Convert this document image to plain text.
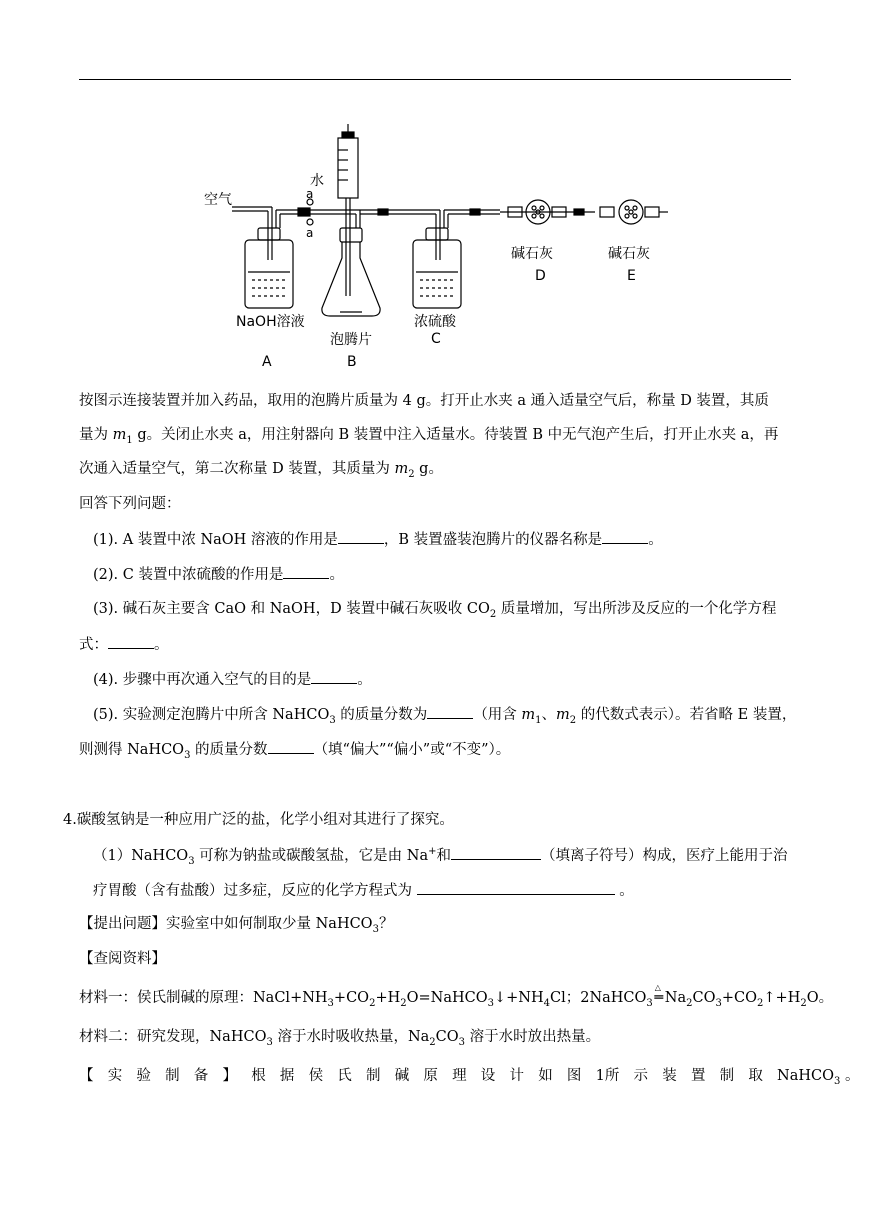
空气
水
a
a
NaOH溶液
A
泡腾片
B
浓硫酸
C
碱石灰
D
碱石灰
E
按图示连接装置并加入药品，取用的泡腾片质量为 4 g。打开止水夹 a 通入适量空气后，称量 D 装置，其质
量为 $m_1$ g。关闭止水夹 a，用注射器向 B 装置中注入适量水。待装置 B 中无气泡产生后，打开止水夹 a，再
次通入适量空气，第二次称量 D 装置，其质量为 $m_2$ g。
回答下列问题：
(1). A 装置中浓 NaOH 溶液的作用是	，B 装置盛装泡腾片的仪器名称是	。
(2). C 装置中浓硫酸的作用是	。
(3). 碱石灰主要含 CaO 和 NaOH，D 装置中碱石灰吸收 $CO_2$ 质量增加，写出所涉及反应的一个化学方程
式：	。
(4). 步骤中再次通入空气的目的是	。
(5). 实验测定泡腾片中所含 NaHCO$_3$ 的质量分数为	（用含 $m_1$、$m_2$ 的代数式表示）。若省略 E 装置，
则测得 NaHCO$_3$ 的质量分数	（填“偏大”“偏小”或“不变”）。
4.碳酸氢钠是一种应用广泛的盐，化学小组对其进行了探究。
（1）NaHCO$_3$ 可称为钠盐或碳酸氢盐，它是由 Na+和	（填离子符号）构成，医疗上能用于治
疗胃酸（含有盐酸）过多症，反应的化学方程式为	。
【提出问题】实验室中如何制取少量 NaHCO$_3$？
【查阅资料】
材料一：侯氏制碱的原理：$NaCl+NH_3+CO_2+H_2O=NaHCO_3↓+NH_4Cl$；2NaHCO$_3$
△
═ $Na_2CO_3+CO_2↑+H_2O$。
材料二：研究发现，NaHCO$_3$ 溶于水时吸收热量，$Na_2CO_3$ 溶于水时放出热量。
【实验制备】根据侯氏制碱原理设计如图 1 所示装置制取 NaHCO$_3$ 。
